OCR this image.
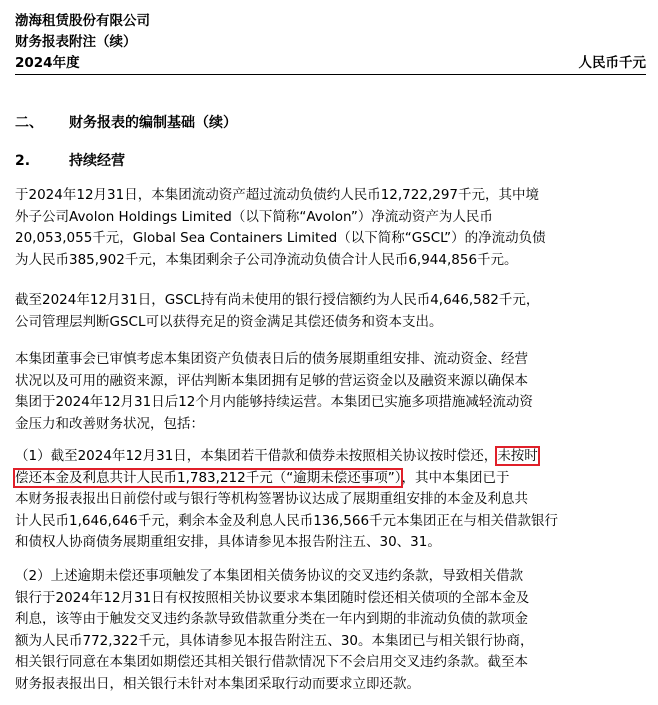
渤海租赁股份有限公司
财务报表附注（续）
2024年度	人民币千元
二、 财务报表的编制基础（续）
2.	持续经营
于2024年12月31日，本集团流动资产超过流动负债约人民币12,722,297千元，其中境
外子公司Avolon Holdings Limited（以下简称“Avolon”）净流动资产为人民币
20,053,055千元，Global Sea Containers Limited（以下简称“GSCL”）的净流动负债
为人民币385,902千元，本集团剩余子公司净流动负债合计人民币6,944,856千元。
截至2024年12月31日，GSCL持有尚未使用的银行授信额约为人民币4,646,582千元，
公司管理层判断GSCL可以获得充足的资金满足其偿还债务和资本支出。
本集团董事会已审慎考虑本集团资产负债表日后的债务展期重组安排、流动资金、经营
状况以及可用的融资来源，评估判断本集团拥有足够的营运资金以及融资来源以确保本
集团于2024年12月31日后12个月内能够持续运营。本集团已实施多项措施减轻流动资
金压力和改善财务状况，包括：
（1）截至2024年12月31日，本集团若干借款和债券未按照相关协议按时偿还，未按时
偿还本金及利息共计人民币1,783,212千元（“逾期未偿还事项”），其中本集团已于
本财务报表报出日前偿付或与银行等机构签署协议达成了展期重组安排的本金及利息共
计人民币1,646,646千元，剩余本金及利息人民币136,566千元本集团正在与相关借款银行
和债权人协商债务展期重组安排，具体请参见本报告附注五、30、31。
（2）上述逾期未偿还事项触发了本集团相关债务协议的交叉违约条款，导致相关借款
银行于2024年12月31日有权按照相关协议要求本集团随时偿还相关债项的全部本金及
利息，该等由于触发交叉违约条款导致借款重分类在一年内到期的非流动负债的款项金
额为人民币772,322千元，具体请参见本报告附注五、30。本集团已与相关银行协商，
相关银行同意在本集团如期偿还其相关银行借款情况下不会启用交叉违约条款。截至本
财务报表报出日，相关银行未针对本集团采取行动而要求立即还款。
